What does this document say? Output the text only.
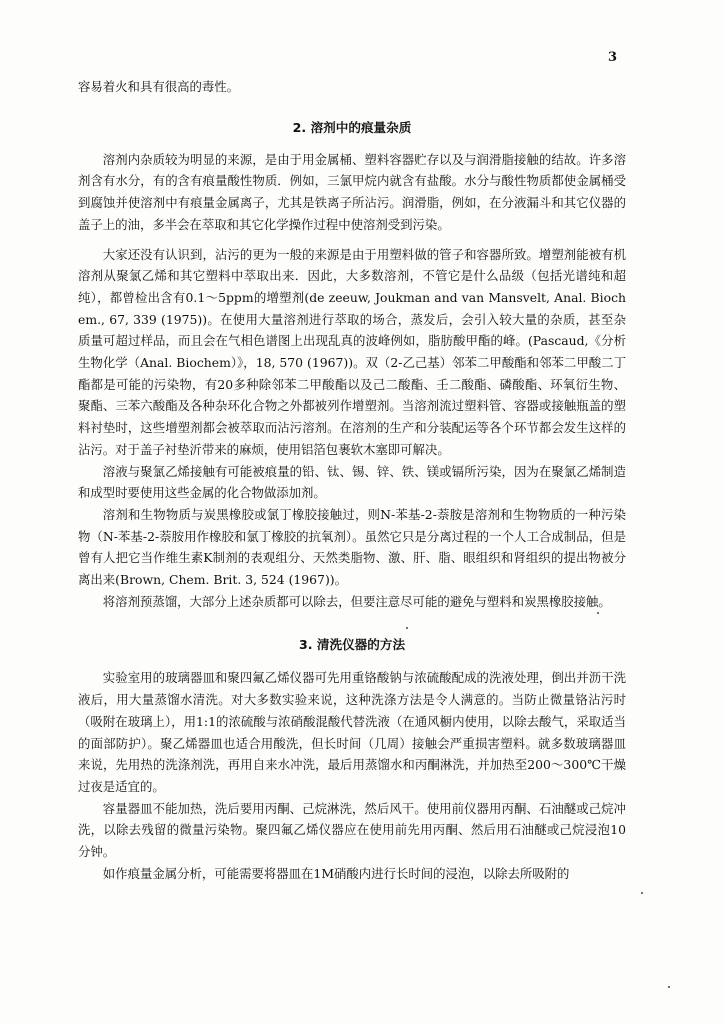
3

容易着火和具有很高的毒性。

2. 溶剂中的痕量杂质

溶剂内杂质较为明显的来源，是由于用金属桶、塑料容器贮存以及与润滑脂接触的结故。许多溶剂含有水分，有的含有痕量酸性物质．例如，三氯甲烷内就含有盐酸。水分与酸性物质都使金属桶受到腐蚀并使溶剂中有痕量金属离子，尤其是铁离子所沾污。润滑脂，例如，在分液漏斗和其它仪器的盖子上的油，多半会在萃取和其它化学操作过程中使溶剂受到污染。

大家还没有认识到，沾污的更为一般的来源是由于用塑料做的管子和容器所致。增塑剂能被有机溶剂从聚氯乙烯和其它塑料中萃取出来．因此，大多数溶剂，不管它是什么品级（包括光谱纯和超纯），都曾检出含有0.1～5ppm的增塑剂(de zeeuw, Joukman and van Mansvelt, Anal. Biochem., 67, 339 (1975))。在使用大量溶剂进行萃取的场合，蒸发后，会引入较大量的杂质，甚至杂质量可超过样品，而且会在气相色谱图上出现乱真的波峰例如，脂肪酸甲酯的峰。(Pascaud,《分析生物化学（Anal. Biochem）》，18, 570 (1967))。双（2-乙己基）邻苯二甲酸酯和邻苯二甲酸二丁酯都是可能的污染物，有20多种除邻苯二甲酸酯以及己二酸酯、壬二酸酯、磷酸酯、环氧衍生物、聚酯、三苯六酸酯及各种杂环化合物之外都被列作增塑剂。当溶剂流过塑料管、容器或接触瓶盖的塑料衬垫时，这些增塑剂都会被萃取而沾污溶剂。在溶剂的生产和分装配运等各个环节都会发生这样的沾污。对于盖子衬垫沂带来的麻烦，使用铝箔包裹软木塞即可解决。

溶液与聚氯乙烯接触有可能被痕量的铅、钛、锡、锌、铁、镁或镉所污染，因为在聚氯乙烯制造和成型时要使用这些金属的化合物做添加剂。

溶剂和生物物质与炭黑橡胶或氯丁橡胶接触过，则N-苯基-2-萘胺是溶剂和生物物质的一种污染物（N-苯基-2-萘胺用作橡胶和氯丁橡胶的抗氧剂）。虽然它只是分离过程的一个人工合成制品，但是曾有人把它当作维生素K制剂的表观组分、天然类脂物、激、肝、脂、眼组织和肾组织的提出物被分离出来(Brown, Chem. Brit. 3, 524 (1967))。

将溶剂预蒸馏，大部分上述杂质都可以除去，但要注意尽可能的避免与塑料和炭黑橡胶接触。

3. 清洗仪器的方法

实验室用的玻璃器皿和聚四氟乙烯仪器可先用重铬酸钠与浓硫酸配成的洗液处理，倒出并沥干洗液后，用大量蒸馏水清洗。对大多数实验来说，这种洗涤方法是令人满意的。当防止微量铬沾污时（吸附在玻璃上），用1:1的浓硫酸与浓硝酸混酸代替洗液（在通风橱内使用，以除去酸气，采取适当的面部防护）。聚乙烯器皿也适合用酸洗，但长时间（几周）接触会严重损害塑料。就多数玻璃器皿来说，先用热的洗涤剂洗，再用自来水冲洗，最后用蒸馏水和丙酮淋洗，并加热至200～300℃干燥过夜是适宜的。

容量器皿不能加热，洗后要用丙酮、己烷淋洗，然后风干。使用前仪器用丙酮、石油醚或己烷冲洗，以除去残留的微量污染物。聚四氟乙烯仪器应在使用前先用丙酮、然后用石油醚或己烷浸泡10分钟。

如作痕量金属分析，可能需要将器皿在1M硝酸内进行长时间的浸泡，以除去所吸附的
